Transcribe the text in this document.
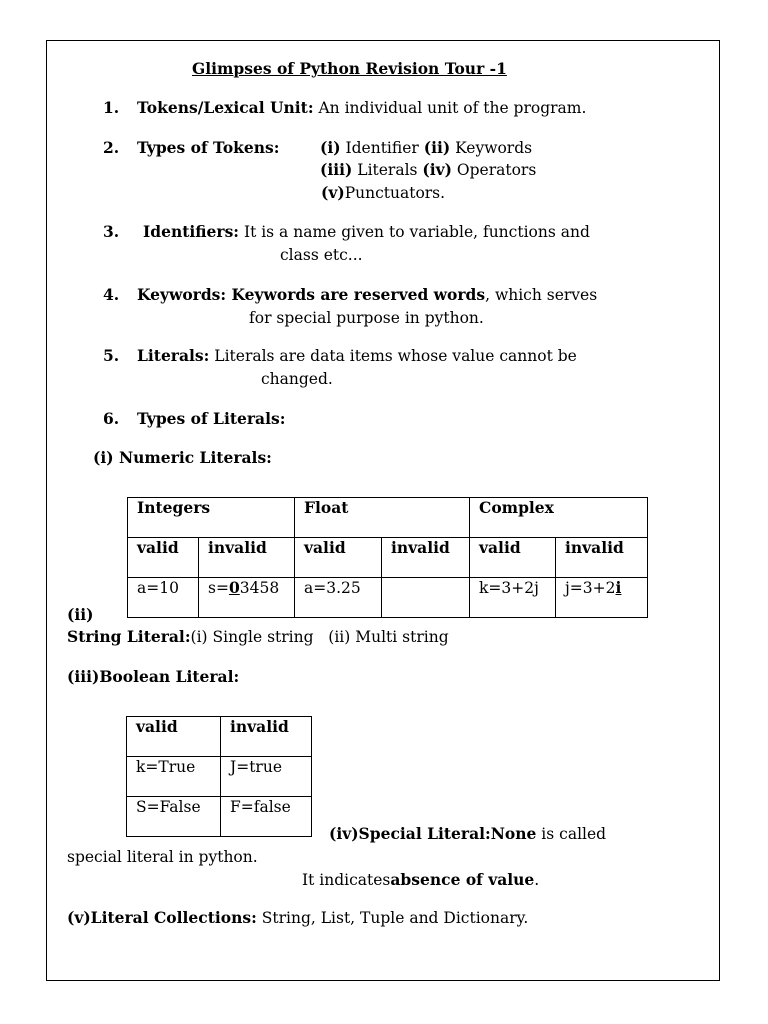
Glimpses of Python Revision Tour -1
1. Tokens/Lexical Unit: An individual unit of the program.
2. Types of Tokens:	(i) Identifier (ii) Keywords
(iii) Literals (iv) Operators
(v)Punctuators.
3. Identifiers: It is a name given to variable, functions and
class etc...
4. Keywords: Keywords are reserved words, which serves
for special purpose in python.
5. Literals: Literals are data items whose value cannot be
changed.
6. Types of Literals:
(i) Numeric Literals:
Integers		Float		Complex	
valid	invalid	valid	invalid	valid	invalid
a=10	s=03458	a=3.25		k=3+2j	j=3+2i
(ii)
String Literal:(i) Single string   (ii) Multi string
(iii)Boolean Literal:
valid	invalid
k=True	J=true
S=False	F=false
(iv)Special Literal:None is called
special literal in python.
It indicatesabsence of value.
(v)Literal Collections: String, List, Tuple and Dictionary.
